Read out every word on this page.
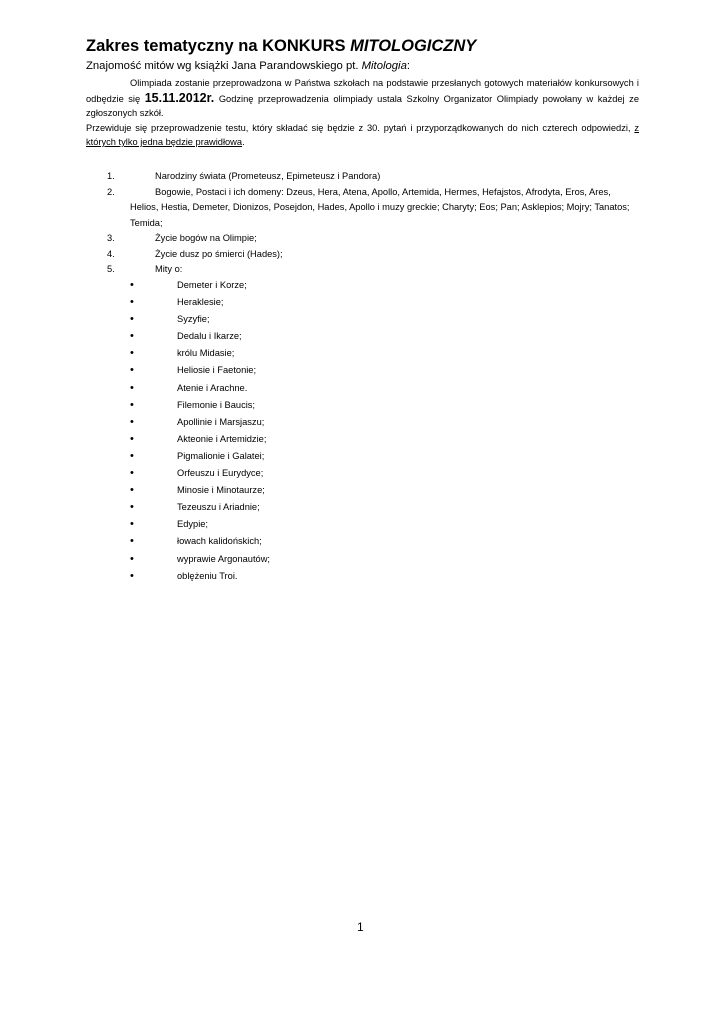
Zakres tematyczny na KONKURS MITOLOGICZNY
Znajomość mitów wg książki Jana Parandowskiego pt. Mitologia:

Olimpiada zostanie przeprowadzona w Państwa szkołach na podstawie przesłanych gotowych materiałów konkursowych i odbędzie się 15.11.2012r. Godzinę przeprowadzenia olimpiady ustala Szkolny Organizator Olimpiady powołany w każdej ze zgłoszonych szkół.

Przewiduje się przeprowadzenie testu, który składać się będzie z 30. pytań i przyporządkowanych do nich czterech odpowiedzi, z których tylko jedna będzie prawidłowa.

1.	Narodziny świata (Prometeusz, Epimeteusz i Pandora)
2.	Bogowie, Postaci i ich domeny: Dzeus, Hera, Atena, Apollo, Artemida, Hermes, Hefajstos, Afrodyta, Eros, Ares, Helios, Hestia, Demeter, Dionizos, Posejdon, Hades, Apollo i muzy greckie; Charyty; Eos; Pan; Asklepios; Mojry; Tanatos; Temida;
3.	Życie bogów na Olimpie;
4.	Życie dusz po śmierci (Hades);
5.	Mity o:
•	Demeter i Korze;
•	Heraklesie;
•	Syzyfie;
•	Dedalu i Ikarze;
•	królu Midasie;
•	Heliosie i Faetonie;
•	Atenie i Arachne.
•	Filemonie i Baucis;
•	Apollinie i Marsjaszu;
•	Akteonie i Artemidzie;
•	Pigmalionie i Galatei;
•	Orfeuszu i Eurydyce;
•	Minosie i Minotaurze;
•	Tezeuszu i Ariadnie;
•	Edypie;
•	łowach kalidońskich;
•	wyprawie Argonautów;
•	oblężeniu Troi.
1
